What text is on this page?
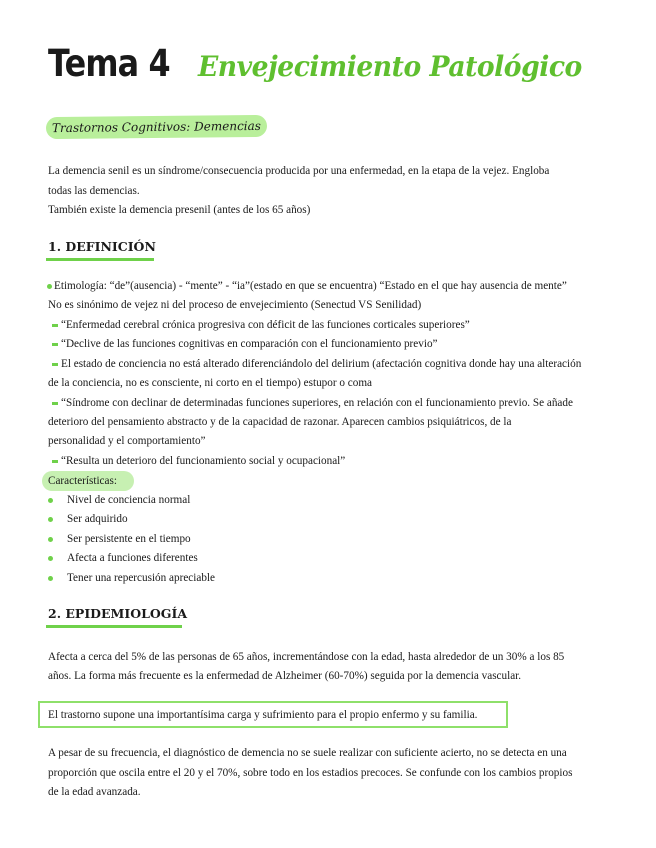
Tema 4 Envejecimiento Patológico
Trastornos Cognitivos: Demencias
La demencia senil es un síndrome/consecuencia producida por una enfermedad, en la etapa de la vejez. Engloba
todas las demencias.
También existe la demencia presenil (antes de los 65 años)
1. DEFINICIÓN
Etimología: “de”(ausencia) - “mente” - “ia”(estado en que se encuentra) “Estado en el que hay ausencia de mente”
No es sinónimo de vejez ni del proceso de envejecimiento (Senectud VS Senilidad)
“Enfermedad cerebral crónica progresiva con déficit de las funciones corticales superiores”
“Declive de las funciones cognitivas en comparación con el funcionamiento previo”
El estado de conciencia no está alterado diferenciándolo del delirium (afectación cognitiva donde hay una alteración
de la conciencia, no es consciente, ni corto en el tiempo) estupor o coma
“Síndrome con declinar de determinadas funciones superiores, en relación con el funcionamiento previo. Se añade
deterioro del pensamiento abstracto y de la capacidad de razonar. Aparecen cambios psiquiátricos, de la
personalidad y el comportamiento”
“Resulta un deterioro del funcionamiento social y ocupacional”
Características:
Nivel de conciencia normal
Ser adquirido
Ser persistente en el tiempo
Afecta a funciones diferentes
Tener una repercusión apreciable
2. EPIDEMIOLOGÍA
Afecta a cerca del 5% de las personas de 65 años, incrementándose con la edad, hasta alrededor de un 30% a los 85
años. La forma más frecuente es la enfermedad de Alzheimer (60-70%) seguida por la demencia vascular.
El trastorno supone una importantísima carga y sufrimiento para el propio enfermo y su familia.
A pesar de su frecuencia, el diagnóstico de demencia no se suele realizar con suficiente acierto, no se detecta en una
proporción que oscila entre el 20 y el 70%, sobre todo en los estadios precoces. Se confunde con los cambios propios
de la edad avanzada.
